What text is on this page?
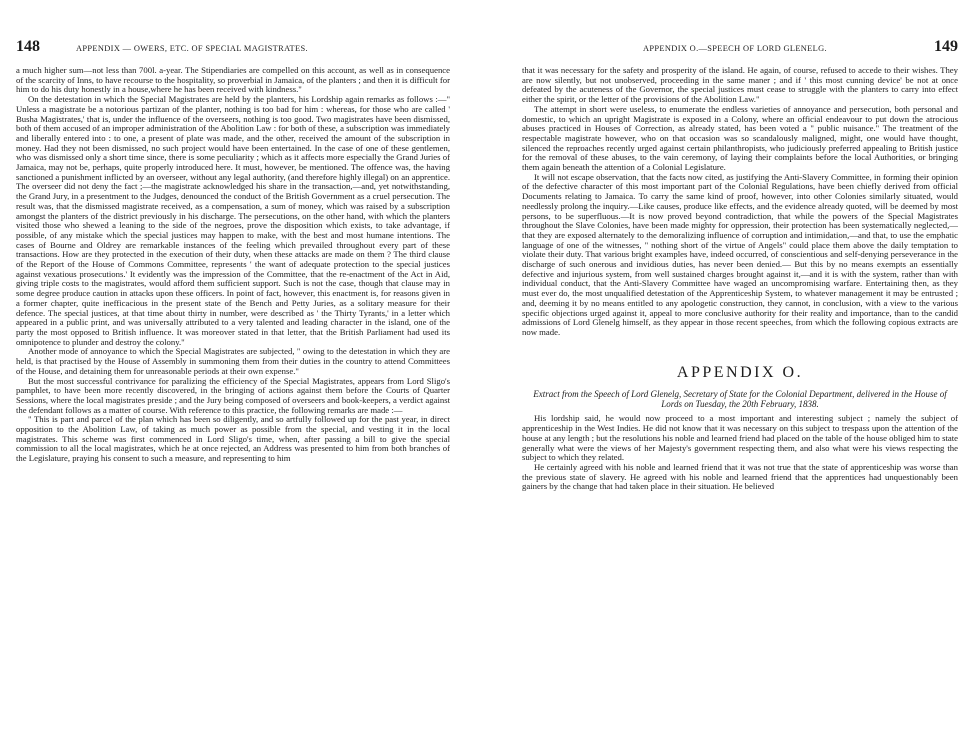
148	APPENDIX — OWERS, ETC. OF SPECIAL MAGISTRATES.

a much higher sum—not less than 700l. a-year. The Stipendiaries are compelled on this account, as well as in consequence of the scarcity of Inns, to have recourse to the hospitality, so proverbial in Jamaica, of the planters ; and then it is difficult for him to do his duty honestly in a house,where he has been received with kindness."

On the detestation in which the Special Magistrates are held by the planters, his Lordship again remarks as follows :—" Unless a magistrate be a notorious partizan of the planter, nothing is too bad for him : whereas, for those who are called ' Busha Magistrates,' that is, under the influence of the overseers, nothing is too good. Two magistrates have been dismissed, both of them accused of an improper administration of the Abolition Law : for both of these, a subscription was immediately and liberally entered into : to one, a present of plate was made, and the other, received the amount of the subscription in money. Had they not been dismissed, no such project would have been entertained. In the case of one of these gentlemen, who was dismissed only a short time since, there is some peculiarity ; which as it affects more especially the Grand Juries of Jamaica, may not be, perhaps, quite properly introduced here. It must, however, be mentioned. The offence was, the having sanctioned a punishment inflicted by an overseer, without any legal authority, (and therefore highly illegal) on an apprentice. The overseer did not deny the fact ;—the magistrate acknowledged his share in the transaction,—and, yet notwithstanding, the Grand Jury, in a presentment to the Judges, denounced the conduct of the British Government as a cruel persecution. The result was, that the dismissed magistrate received, as a compensation, a sum of money, which was raised by a subscription amongst the planters of the district previously in his discharge. The persecutions, on the other hand, with which the planters visited those who shewed a leaning to the side of the negroes, prove the disposition which exists, to take advantage, if possible, of any mistake which the special justices may happen to make, with the best and most humane intentions. The cases of Bourne and Oldrey are remarkable instances of the feeling which prevailed throughout every part of these transactions. How are they protected in the execution of their duty, when these attacks are made on them ? The third clause of the Report of the House of Commons Committee, represents ' the want of adequate protection to the special justices against vexatious prosecutions.' It evidently was the impression of the Committee, that the re-enactment of the Act in Aid, giving triple costs to the magistrates, would afford them sufficient support. Such is not the case, though that clause may in some degree produce caution in attacks upon these officers. In point of fact, however, this enactment is, for reasons given in a former chapter, quite inefficacious in the present state of the Bench and Petty Juries, as a solitary measure for their defence. The special justices, at that time about thirty in number, were described as ' the Thirty Tyrants,' in a letter which appeared in a public print, and was universally attributed to a very talented and leading character in the island, one of the party the most opposed to British influence. It was moreover stated in that letter, that the British Parliament had used its omnipotence to plunder and destroy the colony."

Another mode of annoyance to which the Special Magistrates are subjected, " owing to the detestation in which they are held, is that practised by the House of Assembly in summoning them from their duties in the country to attend Committees of the House, and detaining them for unreasonable periods at their own expense."

But the most successful contrivance for paralizing the efficiency of the Special Magistrates, appears from Lord Sligo's pamphlet, to have been more recently discovered, in the bringing of actions against them before the Courts of Quarter Sessions, where the local magistrates preside ; and the Jury being composed of overseers and book-keepers, a verdict against the defendant follows as a matter of course. With reference to this practice, the following remarks are made :—

" This is part and parcel of the plan which has been so diligently, and so artfully followed up for the past year, in direct opposition to the Abolition Law, of taking as much power as possible from the special, and vesting it in the local magistrates. This scheme was first commenced in Lord Sligo's time, when, after passing a bill to give the special commission to all the local magistrates, which he at once rejected, an Address was presented to him from both branches of the Legislature, praying his consent to such a measure, and representing to him

APPENDIX O.—SPEECH OF LORD GLENELG.	149

that it was necessary for the safety and prosperity of the island. He again, of course, refused to accede to their wishes. They are now silently, but not unobserved, proceeding in the same maner ; and if ' this most cunning device' be not at once defeated by the acuteness of the Governor, the special justices must cease to struggle with the planters to carry into effect either the spirit, or the letter of the provisions of the Abolition Law."

The attempt in short were useless, to enumerate the endless varieties of annoyance and persecution, both personal and domestic, to which an upright Magistrate is exposed in a Colony, where an official endeavour to put down the atrocious abuses practiced in Houses of Correction, as already stated, has been voted a " public nuisance." The treatment of the respectable magistrate however, who on that occasion was so scandalously maligned, might, one would have thought, silenced the reproaches recently urged against certain philanthropists, who judiciously preferred appealing to British justice for the removal of these abuses, to the vain ceremony, of laying their complaints before the local Authorities, or bringing them again beneath the attention of a Colonial Legislature.

It will not escape observation, that the facts now cited, as justifying the Anti-Slavery Committee, in forming their opinion of the defective character of this most important part of the Colonial Regulations, have been chiefly derived from official Documents relating to Jamaica. To carry the same kind of proof, however, into other Colonies similarly situated, would needlessly prolong the inquiry.—Like causes, produce like effects, and the evidence already quoted, will be deemed by most persons, to be superfluous.—It is now proved beyond contradiction, that while the powers of the Special Magistrates throughout the Slave Colonies, have been made mighty for oppression, their protection has been systematically neglected,—that they are exposed alternately to the demoralizing influence of corruption and intimidation,—and that, to use the emphatic language of one of the witnesses, " nothing short of the virtue of Angels" could place them above the daily temptation to violate their duty. That various bright examples have, indeed occurred, of conscientious and self-denying perseverance in the discharge of such onerous and invidious duties, has never been denied.— But this by no means exempts an essentially defective and injurious system, from well sustained charges brought against it,—and it is with the system, rather than with individual conduct, that the Anti-Slavery Committee have waged an uncompromising warfare. Entertaining then, as they must ever do, the most unqualified detestation of the Apprenticeship System, to whatever management it may be entrusted ; and, deeming it by no means entitled to any apologetic construction, they cannot, in conclusion, with a view to the various specific objections urged against it, appeal to more conclusive authority for their reality and importance, than to the candid admissions of Lord Glenelg himself, as they appear in those recent speeches, from which the following copious extracts are now made.

APPENDIX O.
Extract from the Speech of Lord Glenelg, Secretary of State for the Colonial Department, delivered in the House of Lords on Tuesday, the 20th February, 1838.

His lordship said, he would now proceed to a most important and interesting subject ; namely the subject of apprenticeship in the West Indies. He did not know that it was necessary on this subject to trespass upon the attention of the house at any length ; but the resolutions his noble and learned friend had placed on the table of the house obliged him to state generally what were the views of her Majesty's government respecting them, and also what were his views respecting the subject to which they related.

He certainly agreed with his noble and learned friend that it was not true that the state of apprenticeship was worse than the previous state of slavery. He agreed with his noble and learned friend that the apprentices had unquestionably been gainers by the change that had taken place in their situation. He believed
